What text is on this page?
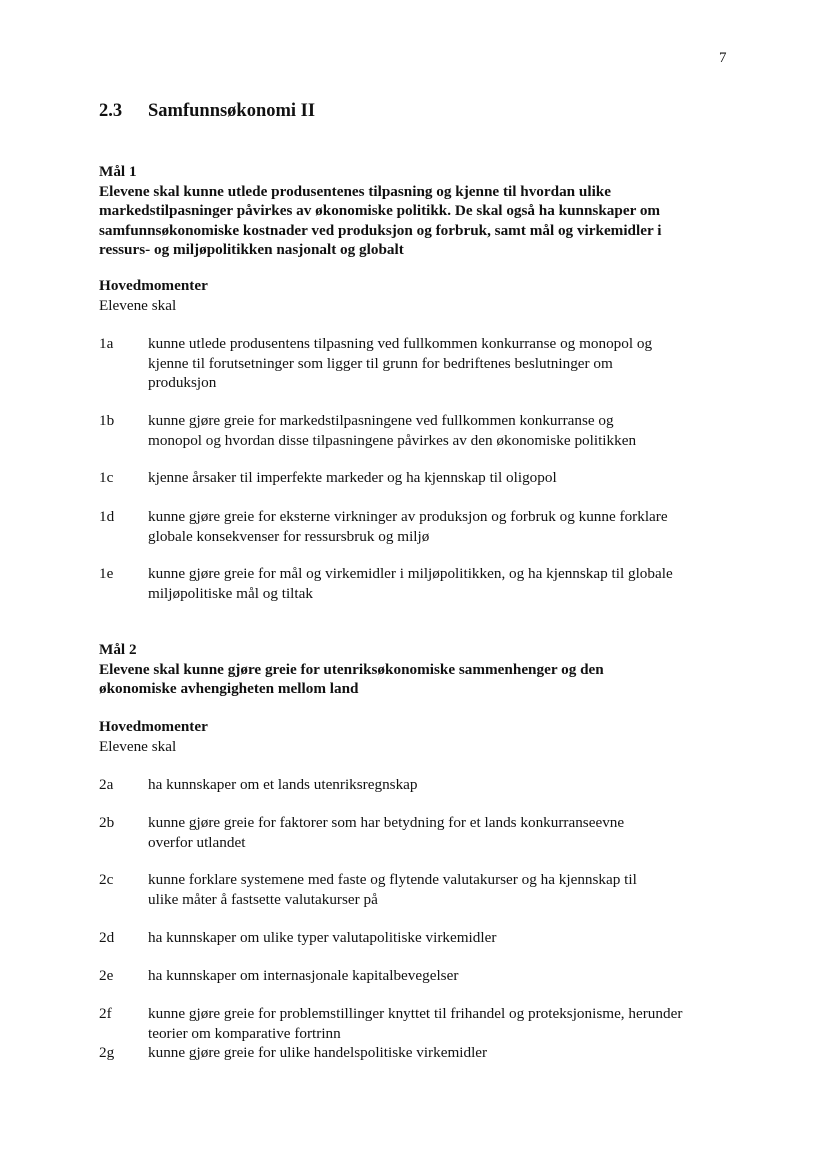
7
2.3 Samfunnsøkonomi II
Mål 1
Elevene skal kunne utlede produsentenes tilpasning og kjenne til hvordan ulike
markedstilpasninger påvirkes av økonomiske politikk. De skal også ha kunnskaper om
samfunnsøkonomiske kostnader ved produksjon og forbruk, samt mål og virkemidler i
ressurs- og miljøpolitikken nasjonalt og globalt
Hovedmomenter
Elevene skal
1a kunne utlede produsentens tilpasning ved fullkommen konkurranse og monopol og
kjenne til forutsetninger som ligger til grunn for bedriftenes beslutninger om
produksjon
1b kunne gjøre greie for markedstilpasningene ved fullkommen konkurranse og
monopol og hvordan disse tilpasningene påvirkes av den økonomiske politikken
1c kjenne årsaker til imperfekte markeder og ha kjennskap til oligopol
1d kunne gjøre greie for eksterne virkninger av produksjon og forbruk og kunne forklare
globale konsekvenser for ressursbruk og miljø
1e kunne gjøre greie for mål og virkemidler i miljøpolitikken, og ha kjennskap til globale
miljøpolitiske mål og tiltak
Mål 2
Elevene skal kunne gjøre greie for utenriksøkonomiske sammenhenger og den
økonomiske avhengigheten mellom land
Hovedmomenter
Elevene skal
2a ha kunnskaper om et lands utenriksregnskap
2b kunne gjøre greie for faktorer som har betydning for et lands konkurranseevne
overfor utlandet
2c kunne forklare systemene med faste og flytende valutakurser og ha kjennskap til
ulike måter å fastsette valutakurser på
2d ha kunnskaper om ulike typer valutapolitiske virkemidler
2e ha kunnskaper om internasjonale kapitalbevegelser
2f kunne gjøre greie for problemstillinger knyttet til frihandel og proteksjonisme, herunder
teorier om komparative fortrinn
2g kunne gjøre greie for ulike handelspolitiske virkemidler
